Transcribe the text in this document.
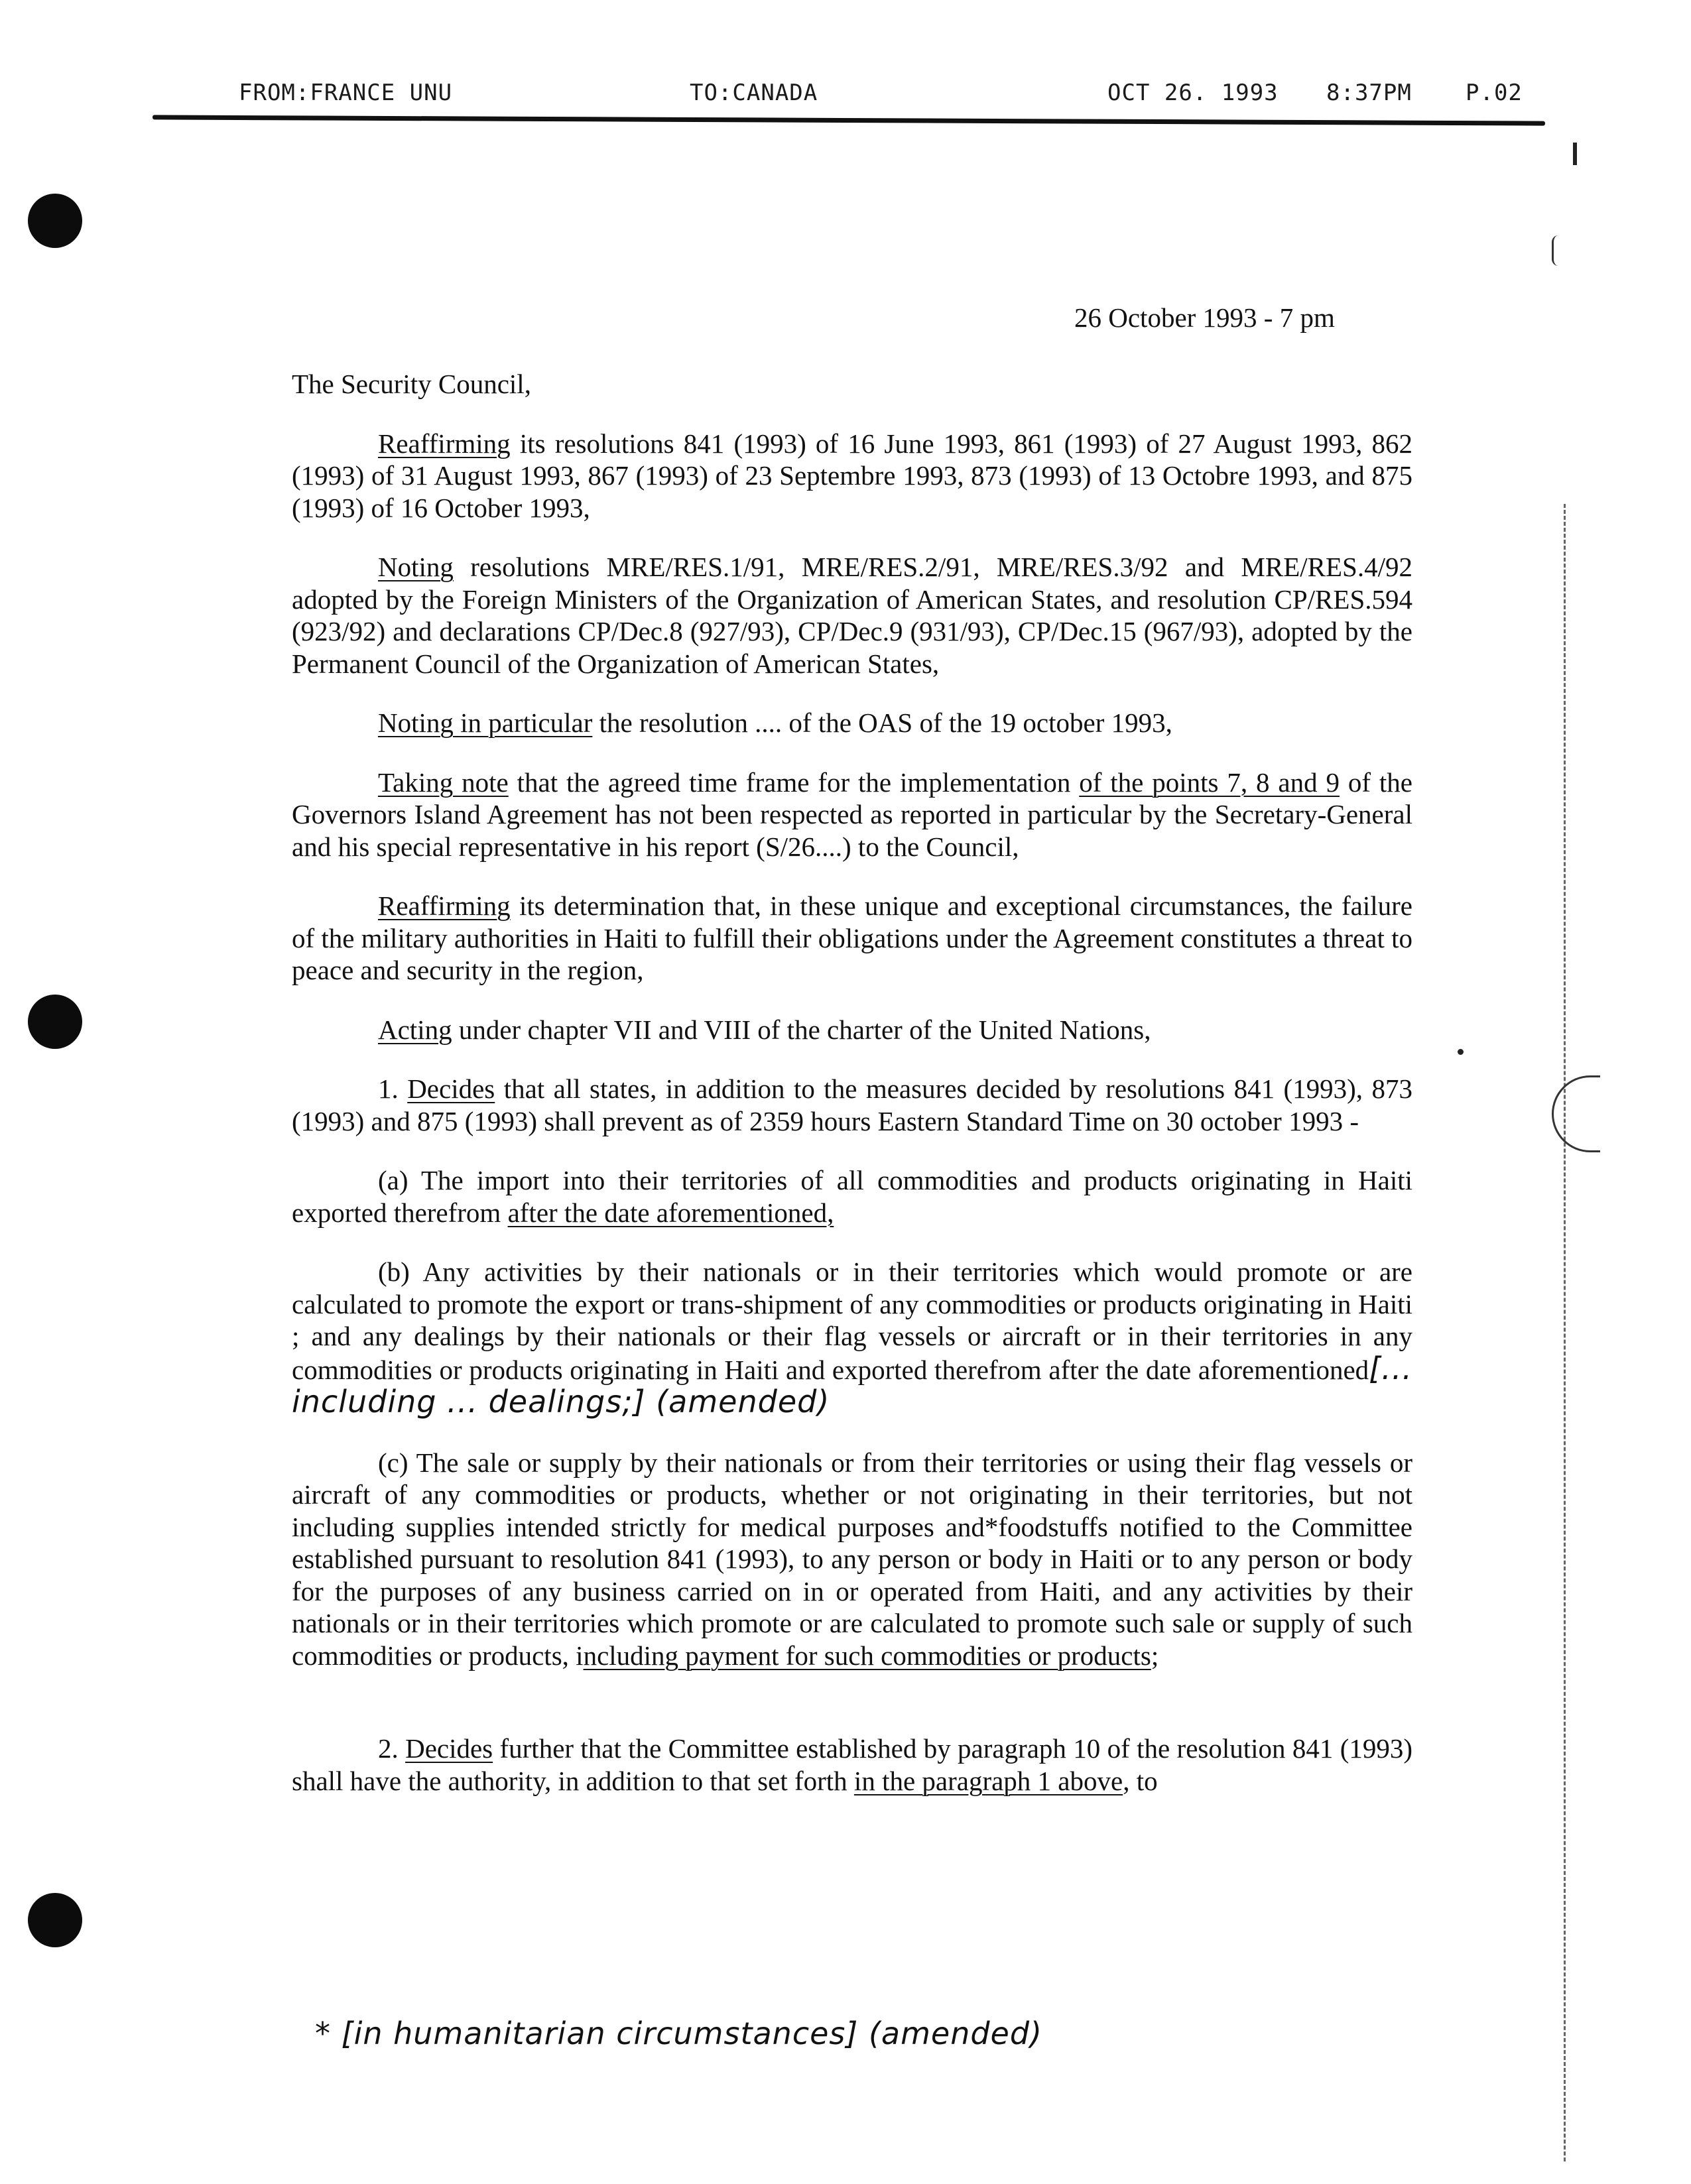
FROM:FRANCE UNU	TO:CANADA	OCT 26. 1993 8:37PM P.02
26 October 1993 - 7 pm

The Security Council,

Reaffirming its resolutions 841 (1993) of 16 June 1993, 861 (1993) of 27 August 1993, 862 (1993) of 31 August 1993, 867 (1993) of 23 Septembre 1993, 873 (1993) of 13 Octobre 1993, and 875 (1993) of 16 October 1993,

Noting resolutions MRE/RES.1/91, MRE/RES.2/91, MRE/RES.3/92 and MRE/RES.4/92 adopted by the Foreign Ministers of the Organization of American States, and resolution CP/RES.594 (923/92) and declarations CP/Dec.8 (927/93), CP/Dec.9 (931/93), CP/Dec.15 (967/93), adopted by the Permanent Council of the Organization of American States,

Noting in particular the resolution .... of the OAS of the 19 october 1993,

Taking note that the agreed time frame for the implementation of the points 7, 8 and 9 of the Governors Island Agreement has not been respected as reported in particular by the Secretary-General and his special representative in his report (S/26....) to the Council,

Reaffirming its determination that, in these unique and exceptional circumstances, the failure of the military authorities in Haiti to fulfill their obligations under the Agreement constitutes a threat to peace and security in the region,

Acting under chapter VII and VIII of the charter of the United Nations,

1. Decides that all states, in addition to the measures decided by resolutions 841 (1993), 873 (1993) and 875 (1993) shall prevent as of 2359 hours Eastern Standard Time on 30 october 1993 -

(a) The import into their territories of all commodities and products originating in Haiti exported therefrom after the date aforementioned,

(b) Any activities by their nationals or in their territories which would promote or are calculated to promote the export or trans-shipment of any commodities or products originating in Haiti ; and any dealings by their nationals or their flag vessels or aircraft or in their territories in any commodities or products originating in Haiti and exported therefrom after the date aforementioned[... including ... dealings;] (amended)

(c) The sale or supply by their nationals or from their territories or using their flag vessels or aircraft of any commodities or products, whether or not originating in their territories, but not including supplies intended strictly for medical purposes and*foodstuffs notified to the Committee established pursuant to resolution 841 (1993), to any person or body in Haiti or to any person or body for the purposes of any business carried on in or operated from Haiti, and any activities by their nationals or in their territories which promote or are calculated to promote such sale or supply of such commodities or products, including payment for such commodities or products;

2. Decides further that the Committee established by paragraph 10 of the resolution 841 (1993) shall have the authority, in addition to that set forth in the paragraph 1 above, to

* [in humanitarian circumstances] (amended)
